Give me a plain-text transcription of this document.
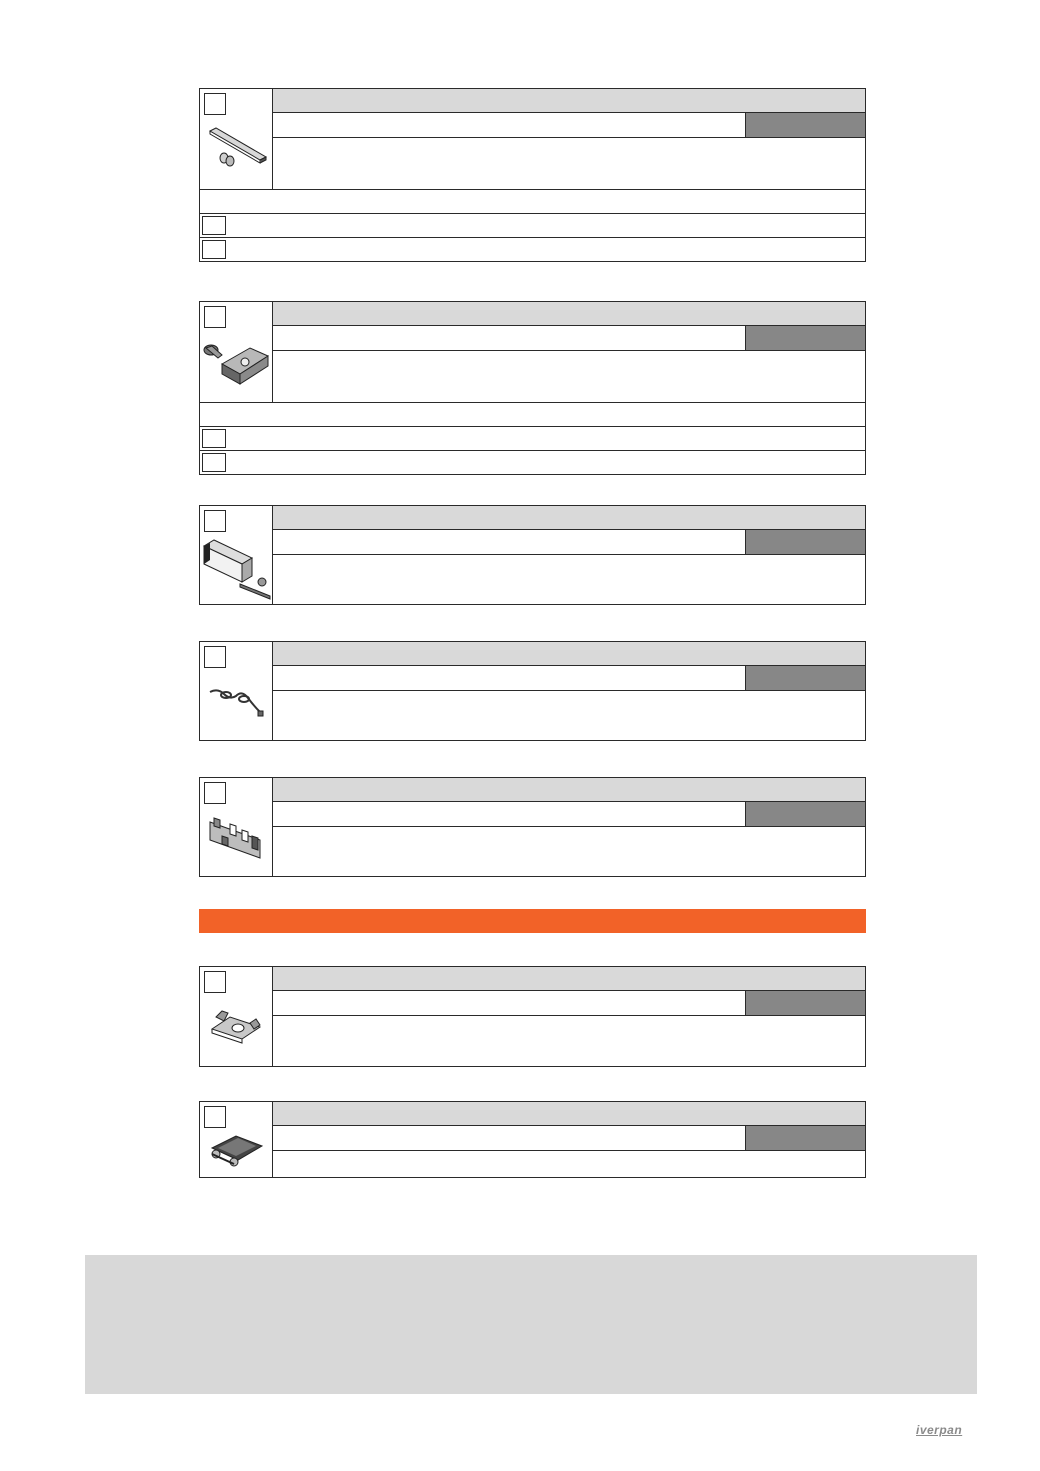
iverpan
